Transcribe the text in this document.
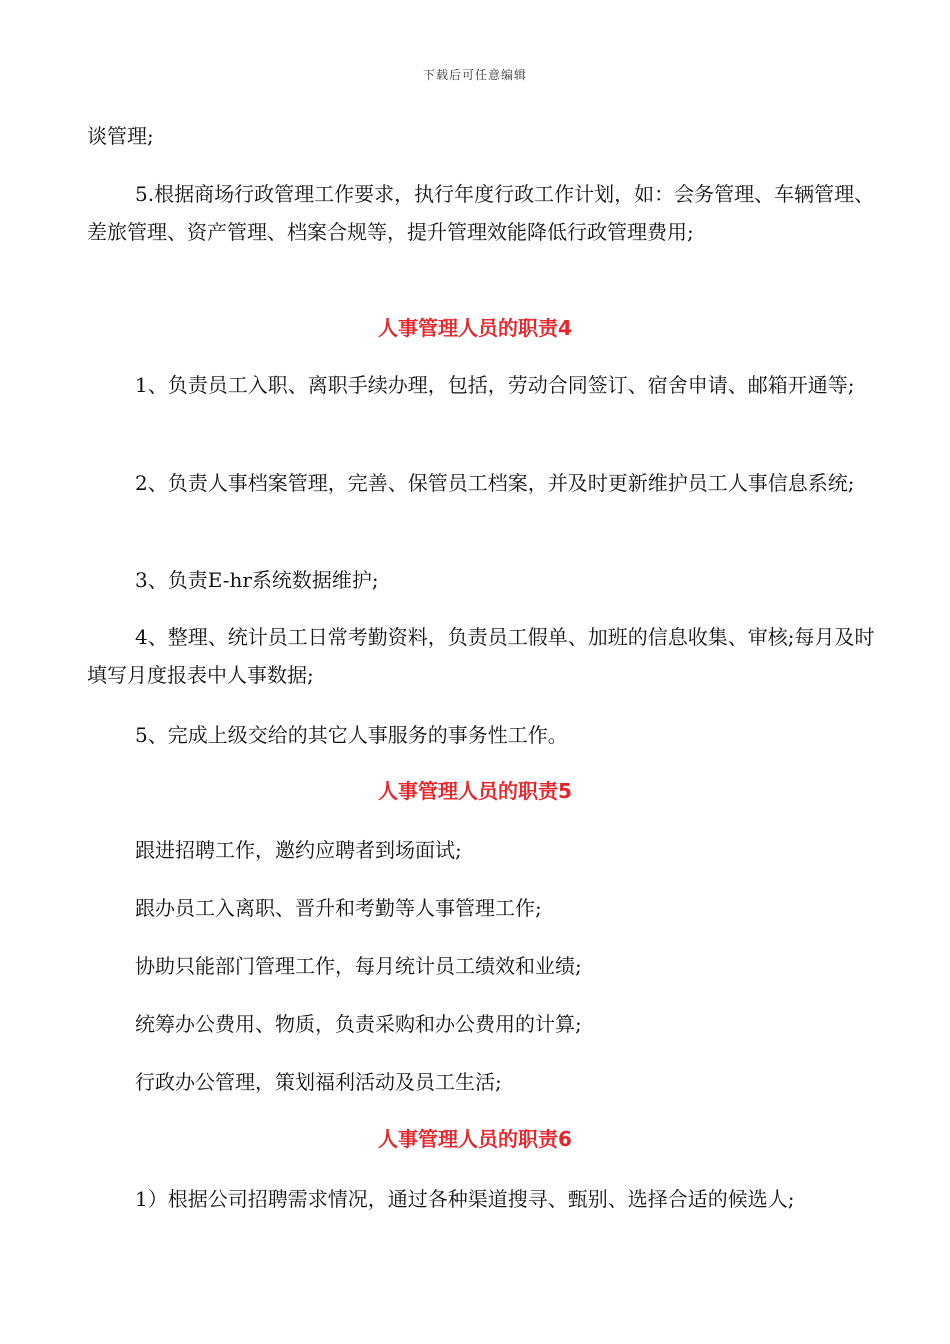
下载后可任意编辑

谈管理;

5.根据商场行政管理工作要求，执行年度行政工作计划，如：会务管理、车辆管理、差旅管理、资产管理、档案合规等，提升管理效能降低行政管理费用;

人事管理人员的职责4

1、负责员工入职、离职手续办理，包括，劳动合同签订、宿舍申请、邮箱开通等;

2、负责人事档案管理，完善、保管员工档案，并及时更新维护员工人事信息系统;

3、负责E-hr系统数据维护;

4、整理、统计员工日常考勤资料，负责员工假单、加班的信息收集、审核;每月及时填写月度报表中人事数据;

5、完成上级交给的其它人事服务的事务性工作。

人事管理人员的职责5

跟进招聘工作，邀约应聘者到场面试;

跟办员工入离职、晋升和考勤等人事管理工作;

协助只能部门管理工作，每月统计员工绩效和业绩;

统筹办公费用、物质，负责采购和办公费用的计算;

行政办公管理，策划福利活动及员工生活;

人事管理人员的职责6

1）根据公司招聘需求情况，通过各种渠道搜寻、甄别、选择合适的候选人;
